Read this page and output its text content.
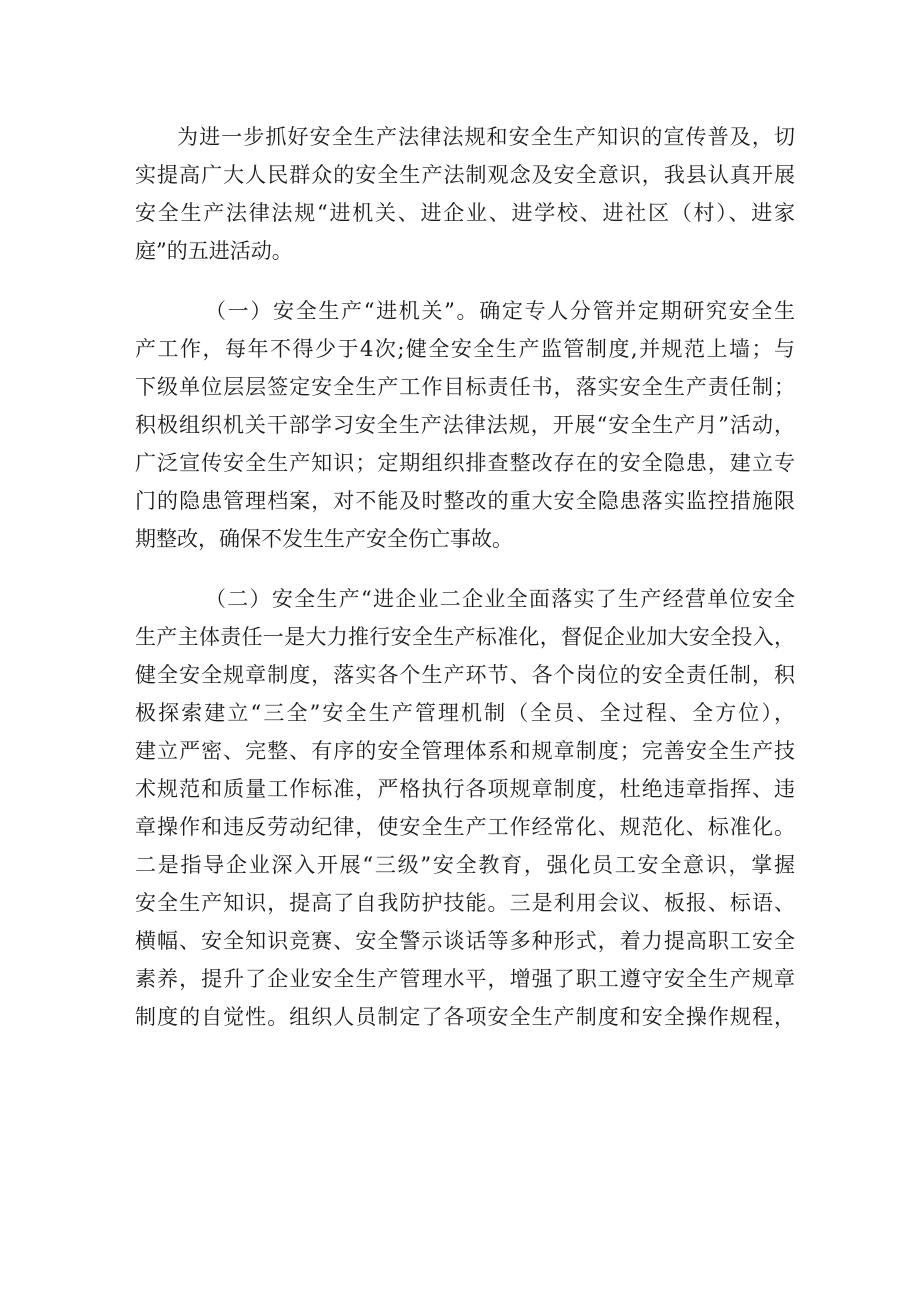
为进一步抓好安全生产法律法规和安全生产知识的宣传普及，切
实提高广大人民群众的安全生产法制观念及安全意识，我县认真开展
安全生产法律法规“进机关、进企业、进学校、进社区（村）、进家
庭”的五进活动。
（一）安全生产“进机关”。确定专人分管并定期研究安全生
产工作，每年不得少于4次;健全安全生产监管制度,并规范上墙；与
下级单位层层签定安全生产工作目标责任书，落实安全生产责任制；
积极组织机关干部学习安全生产法律法规，开展“安全生产月”活动，
广泛宣传安全生产知识；定期组织排查整改存在的安全隐患，建立专
门的隐患管理档案，对不能及时整改的重大安全隐患落实监控措施限
期整改，确保不发生生产安全伤亡事故。
（二）安全生产“进企业二企业全面落实了生产经营单位安全
生产主体责任一是大力推行安全生产标准化，督促企业加大安全投入，
健全安全规章制度，落实各个生产环节、各个岗位的安全责任制，积
极探索建立“三全”安全生产管理机制（全员、全过程、全方位），
建立严密、完整、有序的安全管理体系和规章制度；完善安全生产技
术规范和质量工作标准，严格执行各项规章制度，杜绝违章指挥、违
章操作和违反劳动纪律，使安全生产工作经常化、规范化、标准化。
二是指导企业深入开展“三级”安全教育，强化员工安全意识，掌握
安全生产知识，提高了自我防护技能。三是利用会议、板报、标语、
横幅、安全知识竞赛、安全警示谈话等多种形式，着力提高职工安全
素养，提升了企业安全生产管理水平，增强了职工遵守安全生产规章
制度的自觉性。组织人员制定了各项安全生产制度和安全操作规程，
